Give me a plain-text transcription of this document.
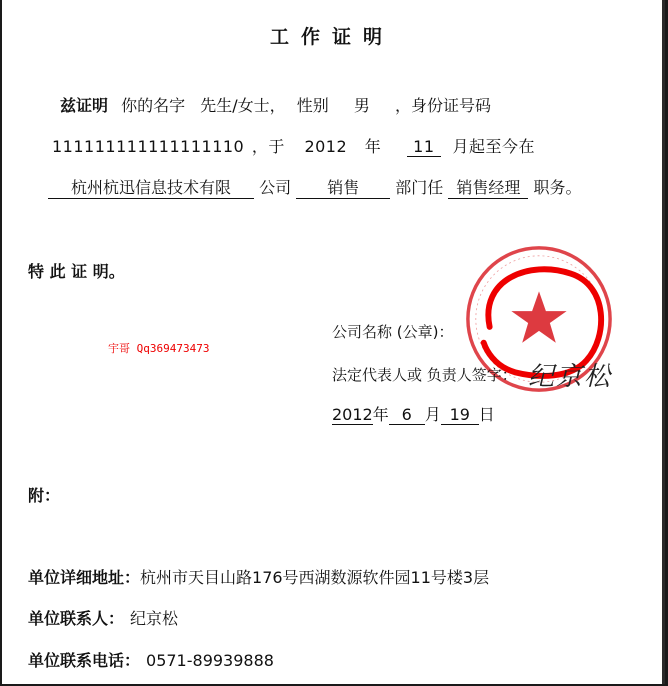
工作证明
兹证明 你的名字 先生/女士， 性别 男 ，身份证号码
111111111111111110 ，于 2012 年 11 月起至今在
杭州杭迅信息技术有限 公司 销售 部门任 销售经理 职务。
特 此 证 明。
宇哥 Qq369473473
公司名称 (公章)：
法定代表人或 负责人签字： 纪京松
2012年 6 月 19 日
附：
单位详细地址：杭州市天目山路176号西湖数源软件园11号楼3层
单位联系人： 纪京松
单位联系电话： 0571-89939888
